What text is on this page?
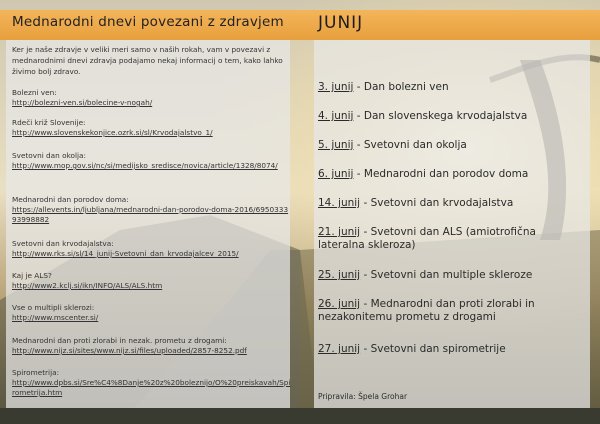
Mednarodni dnevi povezani z zdravjem JUNIJ
Ker je naše zdravje v veliki meri samo v naših rokah, vam v povezavi z mednarodnimi dnevi zdravja podajamo nekaj informacij o tem, kako lahko živimo bolj zdravo.
Bolezni ven:
http://bolezni-ven.si/bolecine-v-nogah/
Rdeči križ Slovenije:
http://www.slovenskekonjice.ozrk.si/sl/Krvodajalstvo_1/
Svetovni dan okolja:
http://www.mop.gov.si/nc/si/medijsko_sredisce/novica/article/1328/8074/
Mednarodni dan porodov doma:
https://allevents.in/ljubljana/mednarodni-dan-porodov-doma-2016/695033393998882
Svetovni dan krvodajalstva:
http://www.rks.si/sl/14_junij-Svetovni_dan_krvodajalcev_2015/
Kaj je ALS?
http://www2.kclj.si/ikn/INFO/ALS/ALS.htm
Vse o multipli sklerozi:
http://www.mscenter.si/
Mednarodni dan proti zlorabi in nezak. prometu z drogami:
http://www.nijz.si/sites/www.nijz.si/files/uploaded/2857-8252.pdf
Spirometrija:
http://www.dpbs.si/Sre%C4%8Danje%20z%20boleznijo/O%20preiskavah/Spirometrija.htm
3. junij - Dan bolezni ven
4. junij - Dan slovenskega krvodajalstva
5. junij - Svetovni dan okolja
6. junij - Mednarodni dan porodov doma
14. junij - Svetovni dan krvodajalstva
21. junij - Svetovni dan ALS (amiotrofična lateralna skleroza)
25. junij - Svetovni dan multiple skleroze
26. junij - Mednarodni dan proti zlorabi in nezakonitemu prometu z drogami
27. junij - Svetovni dan spirometrije
Pripravila: Špela Grohar
